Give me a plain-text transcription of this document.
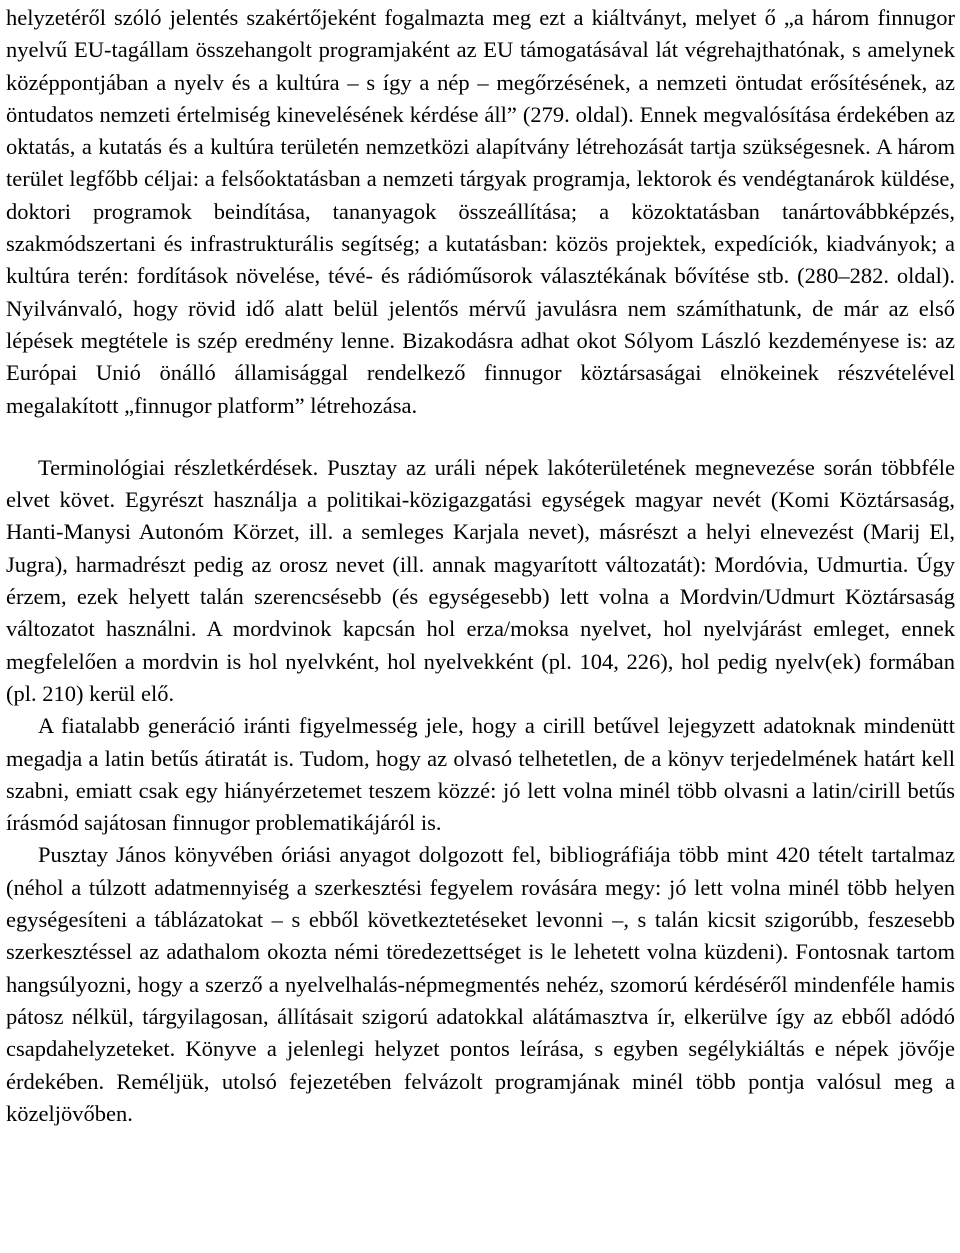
helyzetéről szóló jelentés szakértőjeként fogalmazta meg ezt a kiáltványt, melyet ő „a három finnugor nyelvű EU-tagállam összehangolt programjaként az EU támogatásával lát végrehajthatónak, s amelynek középpontjában a nyelv és a kultúra – s így a nép – megőrzésének, a nemzeti öntudat erősítésének, az öntudatos nemzeti értelmiség kinevelésének kérdése áll” (279. oldal). Ennek megvalósítása érdekében az oktatás, a kutatás és a kultúra területén nemzetközi alapítvány létrehozását tartja szükségesnek. A három terület legfőbb céljai: a felsőoktatásban a nemzeti tárgyak programja, lektorok és vendégtanárok küldése, doktori programok beindítása, tananyagok összeállítása; a közoktatásban tanártovábbképzés, szakmódszertani és infrastrukturális segítség; a kutatásban: közös projektek, expedíciók, kiadványok; a kultúra terén: fordítások növelése, tévé- és rádióműsorok választékának bővítése stb. (280–282. oldal). Nyilvánvaló, hogy rövid idő alatt belül jelentős mérvű javulásra nem számíthatunk, de már az első lépések megtétele is szép eredmény lenne. Bizakodásra adhat okot Sólyom László kezdeményese is: az Európai Unió önálló államisággal rendelkező finnugor köztársaságai elnökeinek részvételével megalakított „finnugor platform” létrehozása.

Terminológiai részletkérdések. Pusztay az uráli népek lakóterületének megnevezése során többféle elvet követ. Egyrészt használja a politikai-közigazgatási egységek magyar nevét (Komi Köztársaság, Hanti-Manysi Autonóm Körzet, ill. a semleges Karjala nevet), másrészt a helyi elnevezést (Marij El, Jugra), harmadrészt pedig az orosz nevet (ill. annak magyarított változatát): Mordóvia, Udmurtia. Úgy érzem, ezek helyett talán szerencsésebb (és egységesebb) lett volna a Mordvin/Udmurt Köztársaság változatot használni. A mordvinok kapcsán hol erza/moksa nyelvet, hol nyelvjárást emleget, ennek megfelelően a mordvin is hol nyelvként, hol nyelvekként (pl. 104, 226), hol pedig nyelv(ek) formában (pl. 210) kerül elő.

A fiatalabb generáció iránti figyelmesség jele, hogy a cirill betűvel lejegyzett adatoknak mindenütt megadja a latin betűs átiratát is. Tudom, hogy az olvasó telhetetlen, de a könyv terjedelmének határt kell szabni, emiatt csak egy hiányérzetemet teszem közzé: jó lett volna minél több olvasni a latin/cirill betűs írásmód sajátosan finnugor problematikájáról is.

Pusztay János könyvében óriási anyagot dolgozott fel, bibliográfiája több mint 420 tételt tartalmaz (néhol a túlzott adatmennyiség a szerkesztési fegyelem rovására megy: jó lett volna minél több helyen egységesíteni a táblázatokat – s ebből következtetéseket levonni –, s talán kicsit szigorúbb, feszesebb szerkesztéssel az adathalom okozta némi töredezettséget is le lehetett volna küzdeni). Fontosnak tartom hangsúlyozni, hogy a szerző a nyelvelhalás-népmegmentés nehéz, szomorú kérdéséről mindenféle hamis pátosz nélkül, tárgyilagosan, állításait szigorú adatokkal alátámasztva ír, elkerülve így az ebből adódó csapdahelyzeteket. Könyve a jelenlegi helyzet pontos leírása, s egyben segélykiáltás e népek jövője érdekében. Reméljük, utolsó fejezetében felvázolt programjának minél több pontja valósul meg a közeljövőben.
